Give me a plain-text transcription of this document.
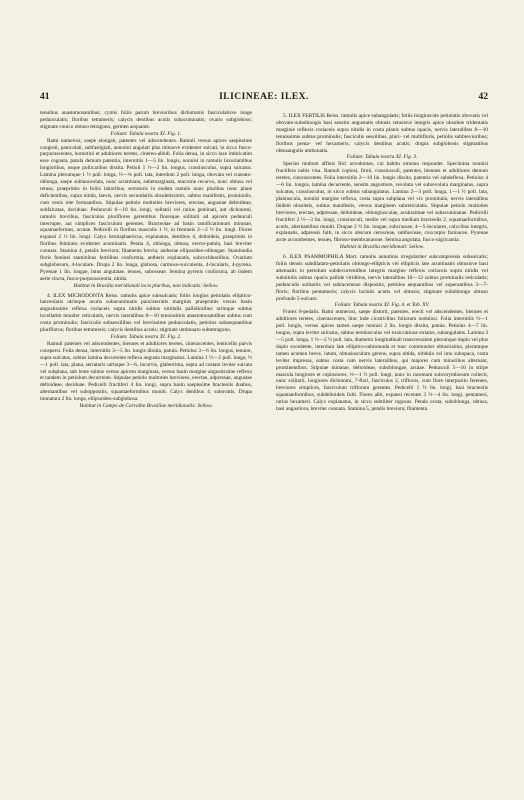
41	ILICINEAE: ILEX.	42

tenuibus anastomosantibus; cymis foliis parum brevioribus dichotomis fasciculatisve longe pedunculatis; floribus tetrameris; calycis dentibus acutis subacuminatis; ovario subgloboso; stigmate conico obtuso tetragono, germen aequante.

Folium: Tabula nostra XI. Fig. 1.

Rami numerosi, saepe elongati, patentes vel adscendentes. Ramuli versus apices saepissime congesti, paniculati, subfastigiati, annotini angulati plus minusve evidenter sulcati, in sicco fusco-purpurascentes, hornotini et adultiores teretes, cinereo-albidi. Folia densa, in sicco laxe imbricatim esse cognata, patula demum patentia, internitiis 1—5 lin. longis, nonnisi in ramulis luxuriantibus longioribus, usque pollicaribus dissita. Petioli 1 ½—2 lin. longus, crassiusculus, supra sulcatus. Lamina plerumque 1 ½ poll. longa, ½—¾ poll. lata, interdum 2 poll. longa, obovata vel cuneato-oblonga, saepe sublanceolata, nunc acuminata, subemarginata, mucrone recurvo, nunc obtusa vel retusa, praeprimis in foliis latioribus, serraturis in eodem ramulo nunc pluribus nunc plane deficientibus, supra nitida, laevis, nervis secundariis obsoletissimis, subtus manifestis, prominulis, cum venis rete formantibus. Stipulae petiolo multoties breviores, erectae, angustae deltoideae, subfalcatae, deciduae. Pedunculi 6—10 lin. longi, solitarii vel rarius geminati, aut dichotomi, ramulis brevibus, fasciculos pluriflores gerentibus floresque solitarii ad apicem pedunculi interrupte, aut simplices fasciculum gerentes. Bracteolae ad basin ramificationum minutae, squamaeformes, acutae. Pedicelli in floribus masculis 1 ½, in femineis 2—2 ½ lin. longi. Flores expansi 2 ½ lin. longi. Calyx hemisphaericus, explanatus, dentibus 4, deltoideis, praeprimis in floribus femineis evidenter acuminatis. Petala 4, oblonga, obtusa, erecto-patula, basi breviter connata. Stamina 4, petalis breviora; filamenta brevia; antherae ellipsoideo-oblongae. Staminodia floris feminei staminibus fertilibus conformia, antheris explanatis, subcochleariibus. Ovarium subglobosum, 4-loculare. Drupa 2 lin. longa, globosa, carmoso-succulenta, 4-locularis, 4-pyrena. Pyrenae 1 lin. longae, intus angulatae, tenues, subosseae. Semina pyrenis conformia, ab iisdem aerte cincta, fusco-purpurascentia, nitida.

Habitat in Brasilia meridionali locis pluribus, non indicatis: Sellow.

4. ILEX MICRODONTA Reiss. ramulis apice subsulcatis; foliis longius petiolatis elliptico-lanceolatis utrinque acutis subacuminatis pauciserratis marginis praeprimis versus basin angustissime reflexa coriaceis supra nitidis subtus nitidulis pallidioribus utrinque subtus locellatim tenuiter reticulatis, nervis lateralibus 8—10 tenuissimis anastomosantibus subtus cum costa prominulis; fasciculis subsessilibus vel brevissime pedunculatis, petiolos subaequantibus pluriflorus; floribus tetrameris; calycis dentibus acutis; stigmate umbonato subtetragono.

Folium: Tabula nostra XI. Fig. 2.

Ramuli patentes vel adscendentes, biennes et adultiores teretes, cinerascentes, lenticellis parvis conspersi. Folia densa, internitiis 3—5 lin. longis dissita, patula. Petiolus 3—6 lin. longus, tenuior, supra sulcatus, subtus lamina decurrente reflexa angusta marginatus. Lamina 1 ½—2 poll. longa, ½—1 poll. lata, plana, serraturis utrinque 3—6, incurvis, glaberrima, supra ad costam leviter sulcata vel subplana, sub lente subtus versus apicem marginata, versus basin margine angustissime reflexo et tandem in petiolum decurrente. Stipulae petiolo multoties breviores, erectae, adpressae, angustae deltoideae, deciduae. Pedicelli fructiferi 4 lin. longi, supra basin saepissime bracteolis duabus, alternantibus vel suboppositis, squamaeformibus muniti. Calyx dentibus 4, subovatis. Drupa immatura 2 lin. longa, ellipsoideo-subglobosa.

Habitat in Campo de Carvalho Brasiliae meridionalis: Sellow.

5. ILEX FERTILIS Reiss. ramulis apice subangulatis; foliis longiuscule petiolatis obovatis vel obovato-subobiongis basi sensim angustatis obtusis retusisve integris apice obsolete tridentatis marginie reflexis coriaceis supra nitidis in costa planis subtus opacis, nervis lateralibus 8—10 tenuissimis subtus prominulis; fasciculis sessilibus, pluri- vel multifloris, petiolis subbrevioribus; floribus penta- vel hexameris; calycis dentibus acutis; drupis subglobosis stigmatibus obtusangulis umbonatis.

Folium: Tabula nostra XI. Fig. 3.

Species multum affinis Ilici acrodontae, cui habitu omnino respondet. Specimina nonnisi fructifera nobis visa. Ramuli copiosi, firmi, crassiusculi, patentes, biennes et adultiores demum teretes, cinerascentes. Folia internitiis 2—10 lin. longis dissita, patentia vel subdeflexa. Petiolus 4—6 lin. longus, lamina decurrente, sensim angustiore, revoluta vel subrevoluta marginatus, supra sulcatus, crassiusculus, in sicco subtus subangulatus. Lamina 2—3 poll. longa, 1—1 ½ poll. lata, planiuscula, nonnisi margine reflexa, costa supra subplana vel vix prominula, nervis lateralibus ibidem obsoletis, subtus manifestis, versus marginem subreticulatis. Stipulae petiolo multoties breviores, erectae, adpressae, deltoideae, oblongiusculae, acutissimae vel subacuminatae. Pedicelli fructiferi 2 ½—3 lin. longi, crassiusculi, medio vel supra medium bracteolis 2, squamaeformibus, acutis, alternantibus muniti. Drupae 2 ½ lin. longae, subcrassae, 4—5-loculares, calycibus integris, explanatis, adpressis fulti, in sicco obscure cerosceae, subfusceae, coxcarpio farinaceo. Pyrenae arcte accumbentes, tenues, fibroso-membranaceae. Semina angulata, fusco-nigricantia.

Habitat in Brasilia meridionali: Sellow.

6. ILEX PSAMMOPHILA Mart. ramulis annotinis irregulariter subcompressis subsulcatis; foliis densis subdilatato-petiolatis oblongo-ellipticis vel ellipticis late acuminatis obtusisve basi attenuatis in petiolum subdecurrentibus integris margine reflexis coriaceis supra nitidis vel subnitidis subtus opacis pallide viridibus, nervis lateralibus 10—12 subtus prominulis reticulatis; pedunculis solitariis vel subracemose dispositis, petiolos aequantibus vel superantibus 3—7-floris; floribus pentameris; calycis laciniis acutis vel obtusis; stigmate subobiongo obtuso profunde 5-sulcato.

Folium: Tabula nostra XI. Fig. 4. et Tab. XV.

Frutex 8-pedalis. Rami numerosi, saepe distorti, patentes, erecti vel adscendentes, biennes et adultiores teretes, cinerascentes, hinc inde cicatricibus foliorum nodulosi. Folia internitiis ½—1 poll. longis, versus apices tamen saepe nonnisi 2 lin. longis dissita, patula. Petiolus 4—7 lin. longus, supra leviter sulcatus, subtus teretiusculus vel exsiccatione striatus, subangulatus. Lamina 3—5 poll. longa, 1 ½—2 ½ poll. lata, diametro longitudinali transversalem plerumque duplo vel plus duplo excedente, interdum late elliptico-subrotunda et tunc communiter obtusissima, plerumque tamen acumen breve, latum, obtusiusculum gerens, supra nitida, nitidula vel imo subopaca, costa leviter impressa, subtus costa cum nervis lateralibus, qui majores cum minoribus alternant, prominentibus. Stipulae minutae, deltoideae, suboblongae, acutae. Pedunculi 5—10 in stirpe mascula longiores et copiosiores, ⅓—1 ½ poll. longi, nunc in racemum subcorymbosum collecti, nunc solitarii, longiores dichotomi, 7-flori, fasciculos 2, trifloros, cum flore interposito ferentes, breviores simplices, fasciculum triflorum gerentes. Pedicelli 1 ½ lin. longi, basi bracteolis squamaeformibus, subdeltoideis fulti. Flores albi, expansi recentes 3 ½—4 lin. longi, pentameri, rarius hexameri. Calyx explanatus, in sicco subtiliter rugosus. Petala ovata, suboblonga, obtusa, basi angustiora, breviter connata. Stamina 5, petalis breviora; filamenta
